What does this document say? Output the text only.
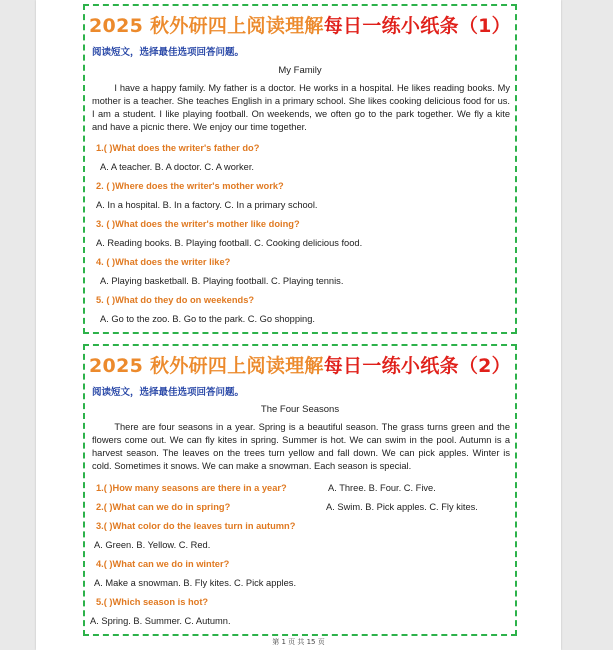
2025 秋外研四上阅读理解每日一练小纸条（1）
阅读短文，选择最佳选项回答问题。
My Family
I have a happy family. My father is a doctor. He works in a hospital. He likes reading books. My mother is a teacher. She teaches English in a primary school. She likes cooking delicious food for us. I am a student. I like playing football. On weekends, we often go to the park together. We fly a kite and have a picnic there. We enjoy our time together.
1.( )What does the writer's father do?
A. A teacher. B. A doctor. C. A worker.
2. ( )Where does the writer's mother work?
A. In a hospital. B. In a factory. C. In a primary school.
3. ( )What does the writer's mother like doing?
A. Reading books. B. Playing football. C. Cooking delicious food.
4. ( )What does the writer like?
A. Playing basketball. B. Playing football. C. Playing tennis.
5. ( )What do they do on weekends?
A. Go to the zoo. B. Go to the park. C. Go shopping.
2025 秋外研四上阅读理解每日一练小纸条（2）
阅读短文，选择最佳选项回答问题。
The Four Seasons
There are four seasons in a year. Spring is a beautiful season. The grass turns green and the flowers come out. We can fly kites in spring. Summer is hot. We can swim in the pool. Autumn is a harvest season. The leaves on the trees turn yellow and fall down. We can pick apples. Winter is cold. Sometimes it snows. We can make a snowman. Each season is special.
1.( )How many seasons are there in a year?	A. Three. B. Four. C. Five.
2.( )What can we do in spring?	A. Swim. B. Pick apples. C. Fly kites.
3.( )What color do the leaves turn in autumn?
A. Green. B. Yellow. C. Red.
4.( )What can we do in winter?
A. Make a snowman. B. Fly kites. C. Pick apples.
5.( )Which season is hot?
A. Spring. B. Summer. C. Autumn.
第 1 页 共 15 页
